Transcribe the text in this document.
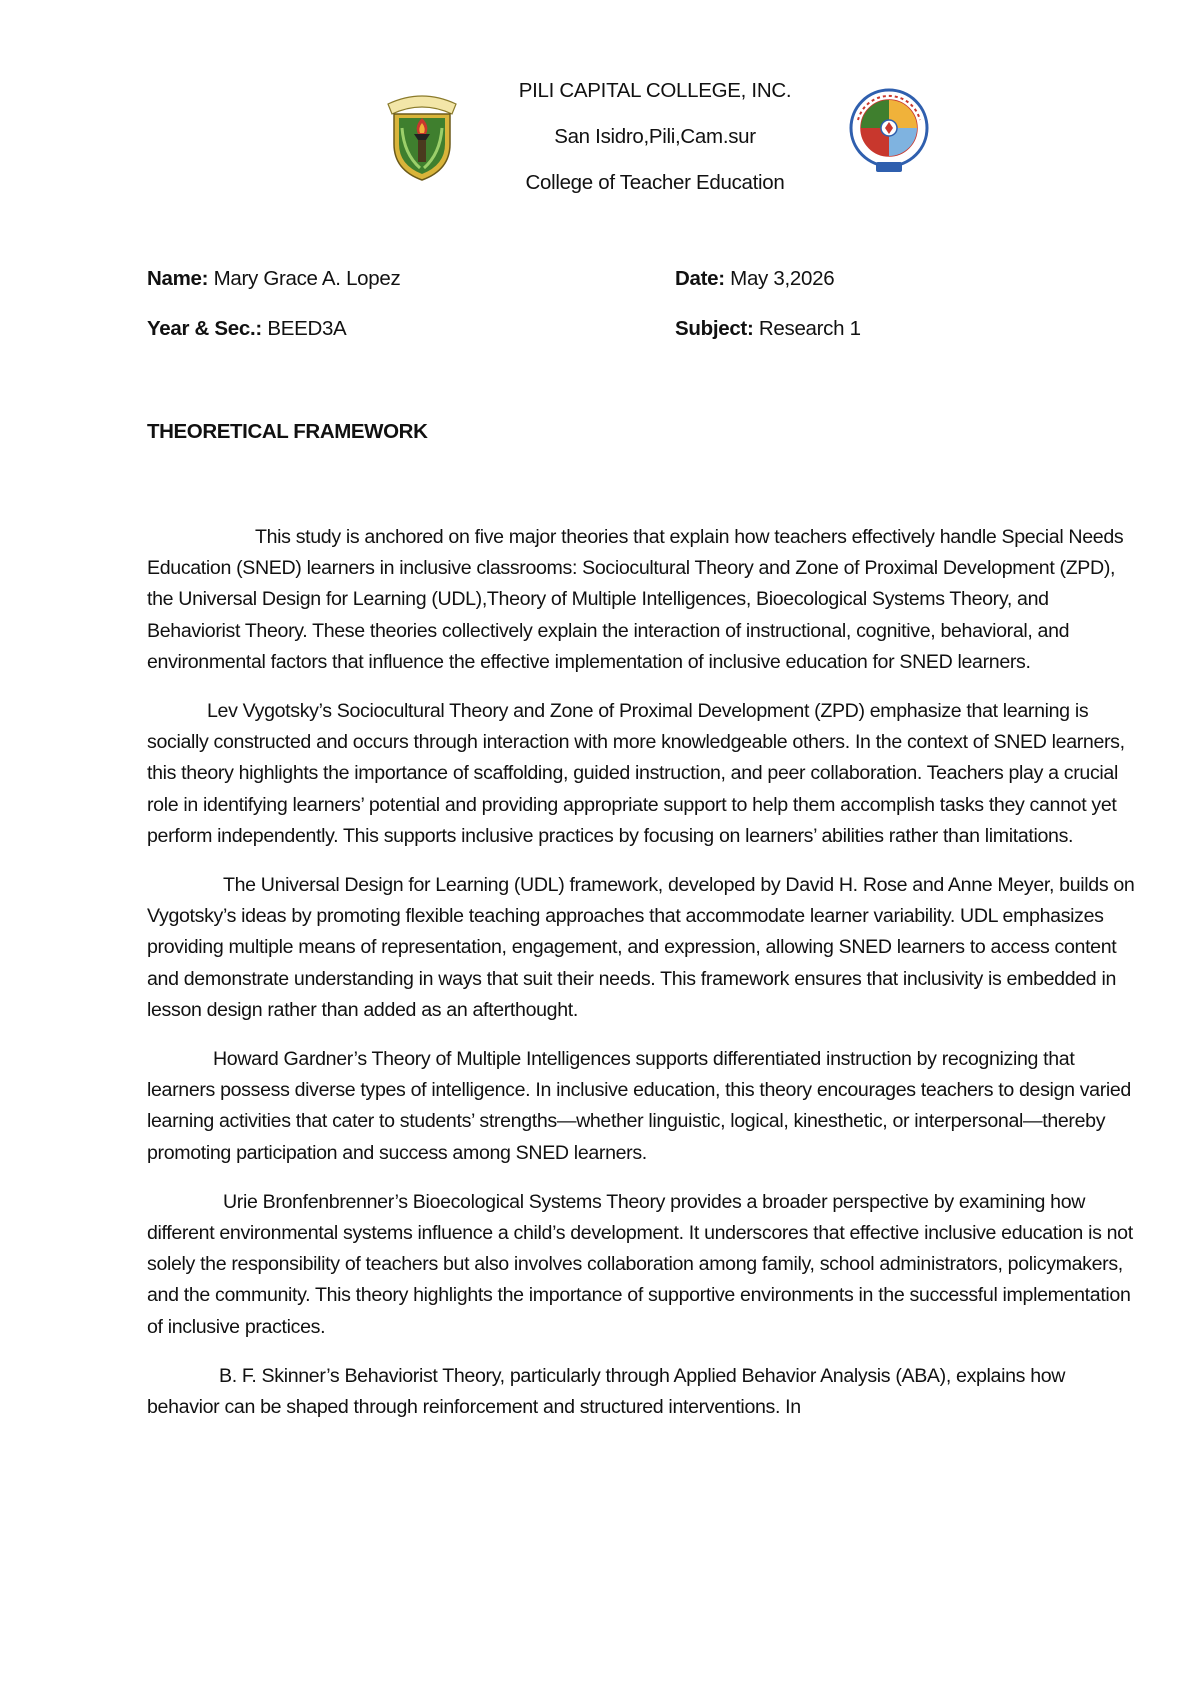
PILI CAPITAL COLLEGE, INC.
San Isidro,Pili,Cam.sur
College of Teacher Education
Name: Mary Grace A. Lopez	Date: May 3,2026
Year & Sec.: BEED3A	Subject: Research 1
THEORETICAL FRAMEWORK

This study is anchored on five major theories that explain how teachers effectively handle Special Needs Education (SNED) learners in inclusive classrooms: Sociocultural Theory and Zone of Proximal Development (ZPD), the Universal Design for Learning (UDL),Theory of Multiple Intelligences, Bioecological Systems Theory, and Behaviorist Theory. These theories collectively explain the interaction of instructional, cognitive, behavioral, and environmental factors that influence the effective implementation of inclusive education for SNED learners.

Lev Vygotsky’s Sociocultural Theory and Zone of Proximal Development (ZPD) emphasize that learning is socially constructed and occurs through interaction with more knowledgeable others. In the context of SNED learners, this theory highlights the importance of scaffolding, guided instruction, and peer collaboration. Teachers play a crucial role in identifying learners’ potential and providing appropriate support to help them accomplish tasks they cannot yet perform independently. This supports inclusive practices by focusing on learners’ abilities rather than limitations.

The Universal Design for Learning (UDL) framework, developed by David H. Rose and Anne Meyer, builds on Vygotsky’s ideas by promoting flexible teaching approaches that accommodate learner variability. UDL emphasizes providing multiple means of representation, engagement, and expression, allowing SNED learners to access content and demonstrate understanding in ways that suit their needs. This framework ensures that inclusivity is embedded in lesson design rather than added as an afterthought.

Howard Gardner’s Theory of Multiple Intelligences supports differentiated instruction by recognizing that learners possess diverse types of intelligence. In inclusive education, this theory encourages teachers to design varied learning activities that cater to students’ strengths—whether linguistic, logical, kinesthetic, or interpersonal—thereby promoting participation and success among SNED learners.

Urie Bronfenbrenner’s Bioecological Systems Theory provides a broader perspective by examining how different environmental systems influence a child’s development. It underscores that effective inclusive education is not solely the responsibility of teachers but also involves collaboration among family, school administrators, policymakers, and the community. This theory highlights the importance of supportive environments in the successful implementation of inclusive practices.

B. F. Skinner’s Behaviorist Theory, particularly through Applied Behavior Analysis (ABA), explains how behavior can be shaped through reinforcement and structured interventions. In
